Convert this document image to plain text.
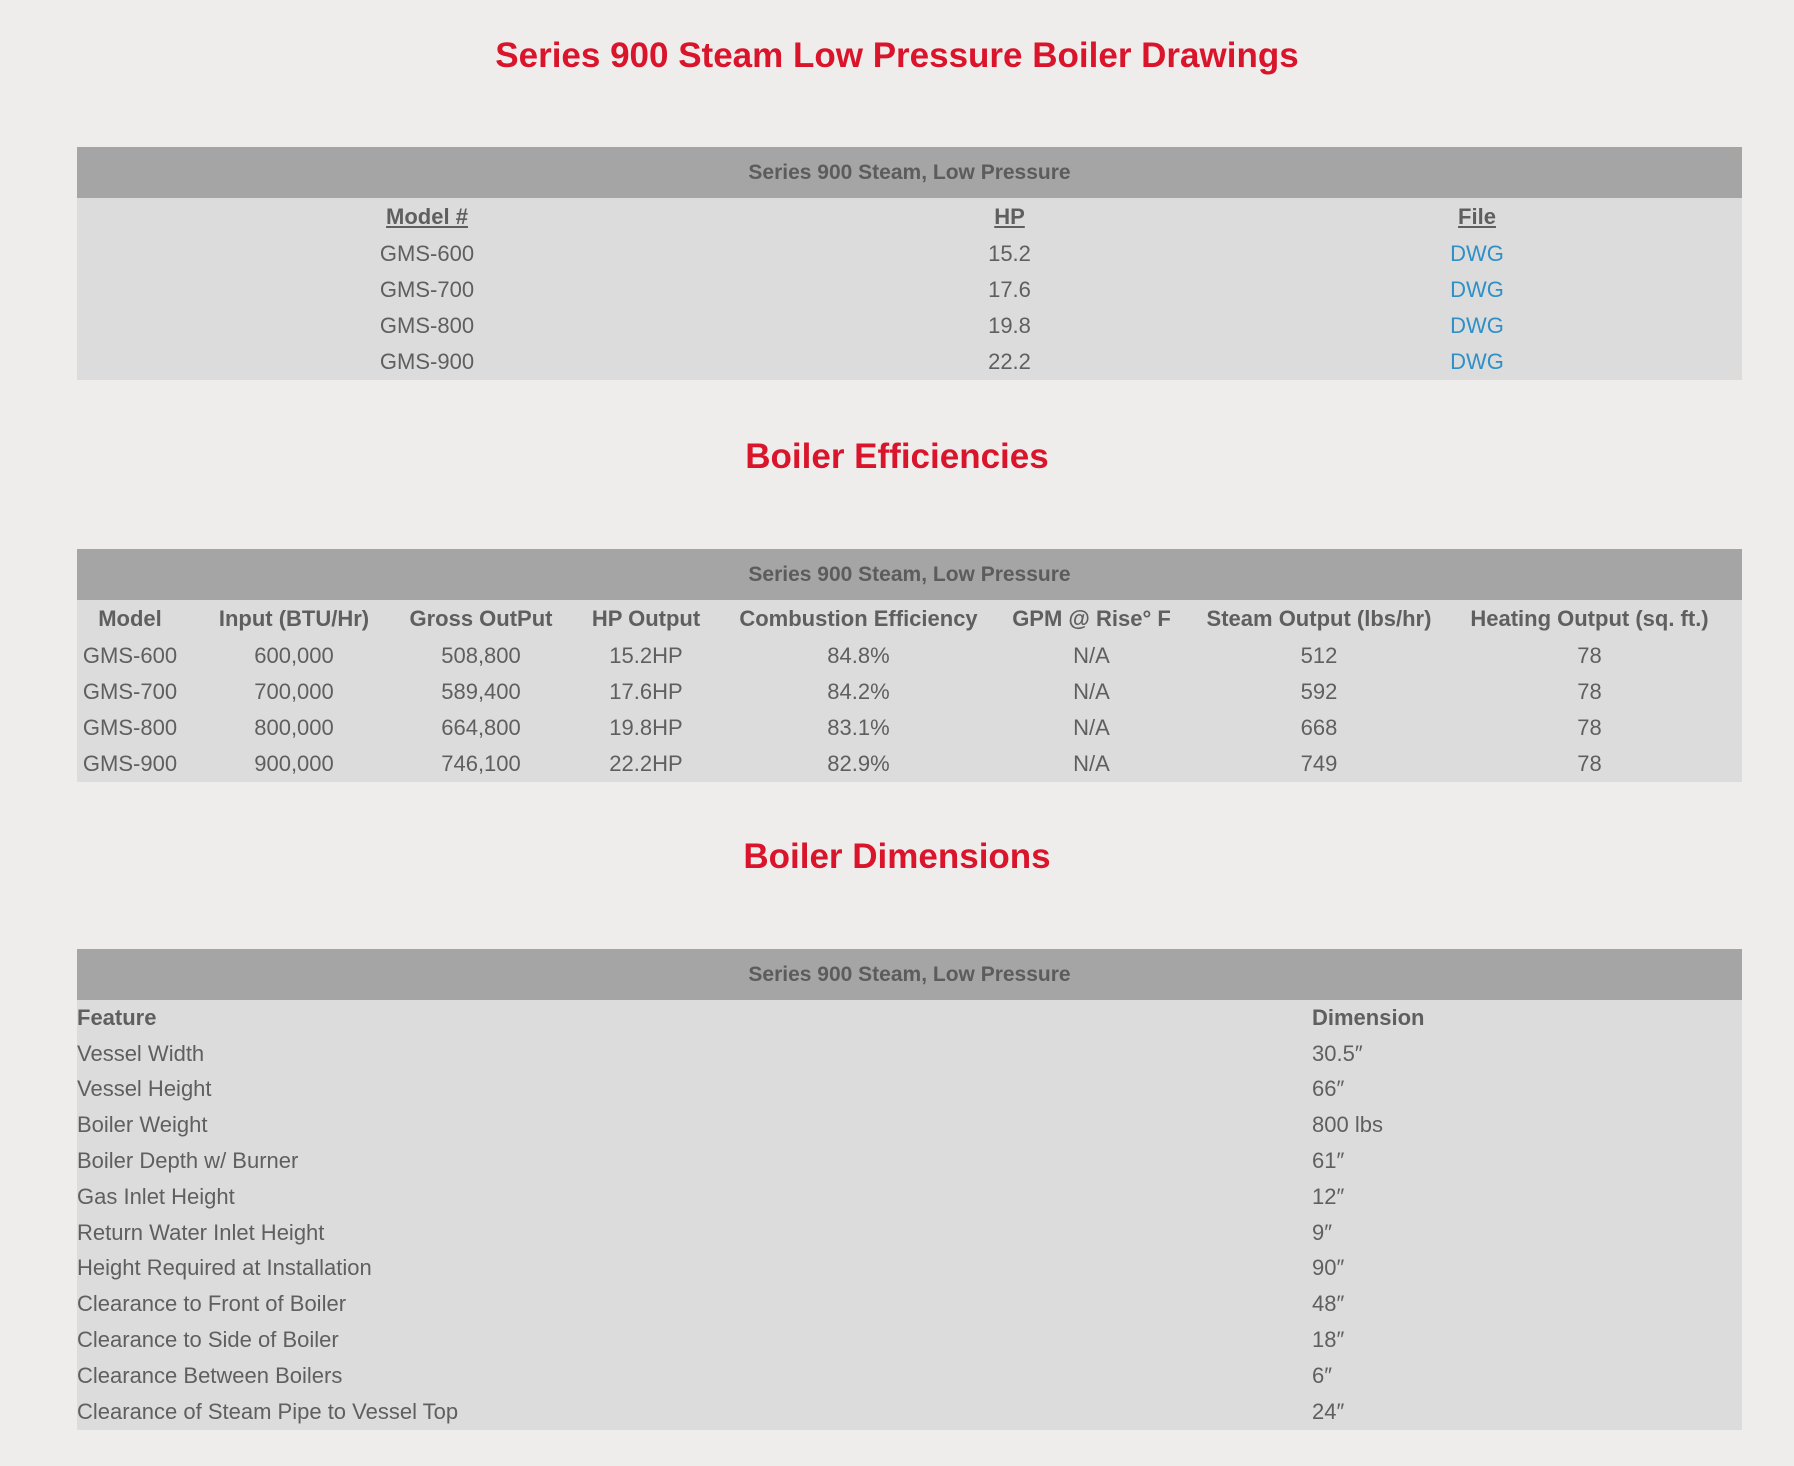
Series 900 Steam Low Pressure Boiler Drawings
Series 900 Steam, Low Pressure
Model #	HP	File
GMS-600	15.2	DWG
GMS-700	17.6	DWG
GMS-800	19.8	DWG
GMS-900	22.2	DWG
Boiler Efficiencies
Series 900 Steam, Low Pressure
Model	Input (BTU/Hr)	Gross OutPut	HP Output	Combustion Efficiency	GPM @ Rise° F	Steam Output (lbs/hr)	Heating Output (sq. ft.)
GMS-600	600,000	508,800	15.2HP	84.8%	N/A	512	78
GMS-700	700,000	589,400	17.6HP	84.2%	N/A	592	78
GMS-800	800,000	664,800	19.8HP	83.1%	N/A	668	78
GMS-900	900,000	746,100	22.2HP	82.9%	N/A	749	78
Boiler Dimensions
Series 900 Steam, Low Pressure
Feature	Dimension
Vessel Width	30.5″
Vessel Height	66″
Boiler Weight	800 lbs
Boiler Depth w/ Burner	61″
Gas Inlet Height	12″
Return Water Inlet Height	9″
Height Required at Installation	90″
Clearance to Front of Boiler	48″
Clearance to Side of Boiler	18″
Clearance Between Boilers	6″
Clearance of Steam Pipe to Vessel Top	24″
